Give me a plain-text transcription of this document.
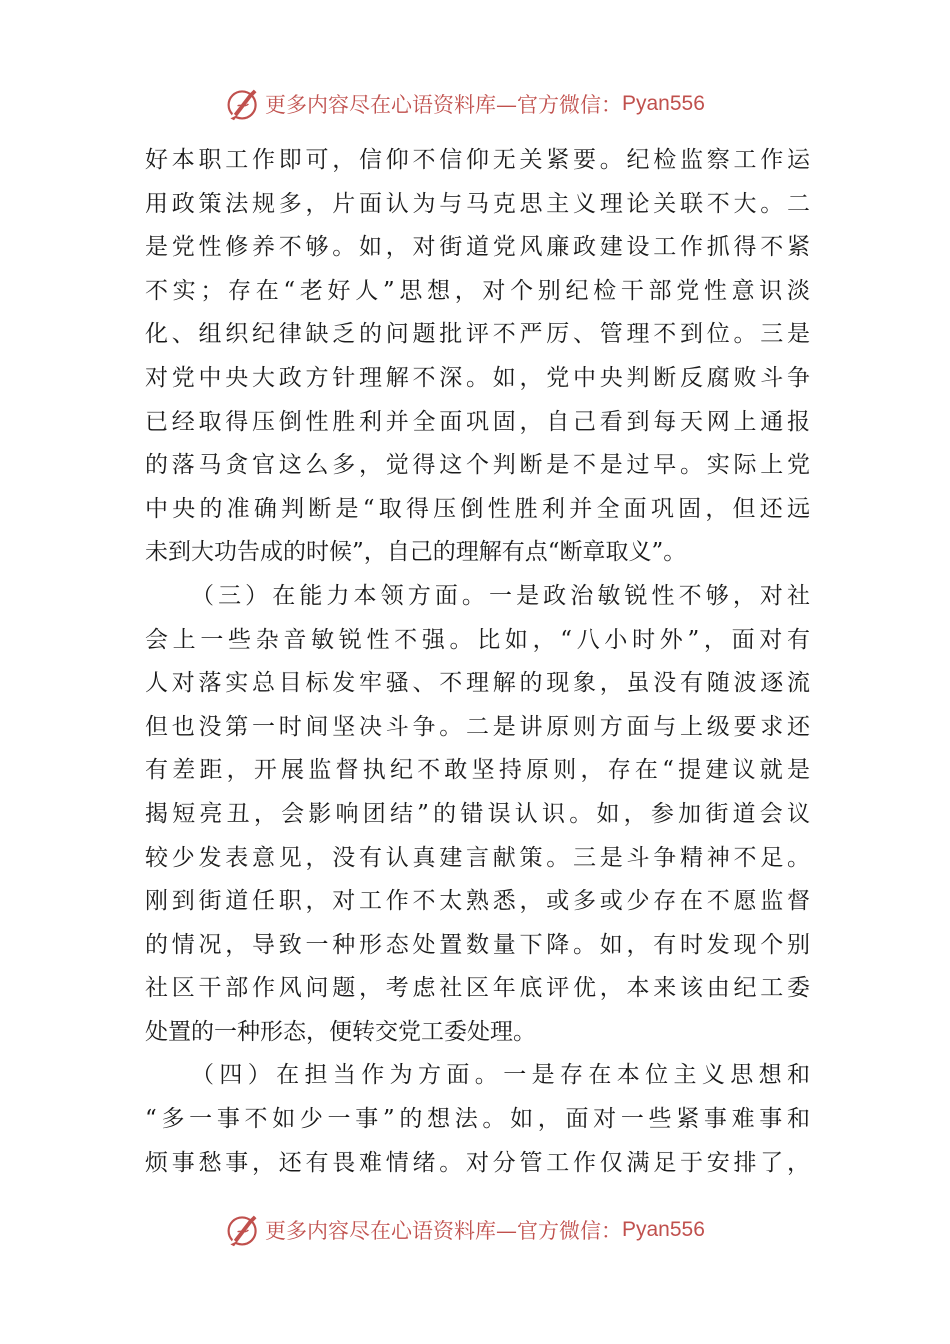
更多内容尽在心语资料库—官方微信： Pyan556
好本职工作即可，信仰不信仰无关紧要。纪检监察工作运
用政策法规多，片面认为与马克思主义理论关联不大。二
是党性修养不够。如，对街道党风廉政建设工作抓得不紧
不实；存在“老好人”思想，对个别纪检干部党性意识淡
化、组织纪律缺乏的问题批评不严厉、管理不到位。三是
对党中央大政方针理解不深。如，党中央判断反腐败斗争
已经取得压倒性胜利并全面巩固，自己看到每天网上通报
的落马贪官这么多，觉得这个判断是不是过早。实际上党
中央的准确判断是“取得压倒性胜利并全面巩固，但还远
未到大功告成的时候”，自己的理解有点“断章取义”。
（三）在能力本领方面。一是政治敏锐性不够，对社
会上一些杂音敏锐性不强。比如，“八小时外”，面对有
人对落实总目标发牢骚、不理解的现象，虽没有随波逐流
但也没第一时间坚决斗争。二是讲原则方面与上级要求还
有差距，开展监督执纪不敢坚持原则，存在“提建议就是
揭短亮丑，会影响团结”的错误认识。如，参加街道会议
较少发表意见，没有认真建言献策。三是斗争精神不足。
刚到街道任职，对工作不太熟悉，或多或少存在不愿监督
的情况，导致一种形态处置数量下降。如，有时发现个别
社区干部作风问题，考虑社区年底评优，本来该由纪工委
处置的一种形态，便转交党工委处理。
（四）在担当作为方面。一是存在本位主义思想和
“多一事不如少一事”的想法。如，面对一些紧事难事和
烦事愁事，还有畏难情绪。对分管工作仅满足于安排了，
更多内容尽在心语资料库—官方微信： Pyan556
